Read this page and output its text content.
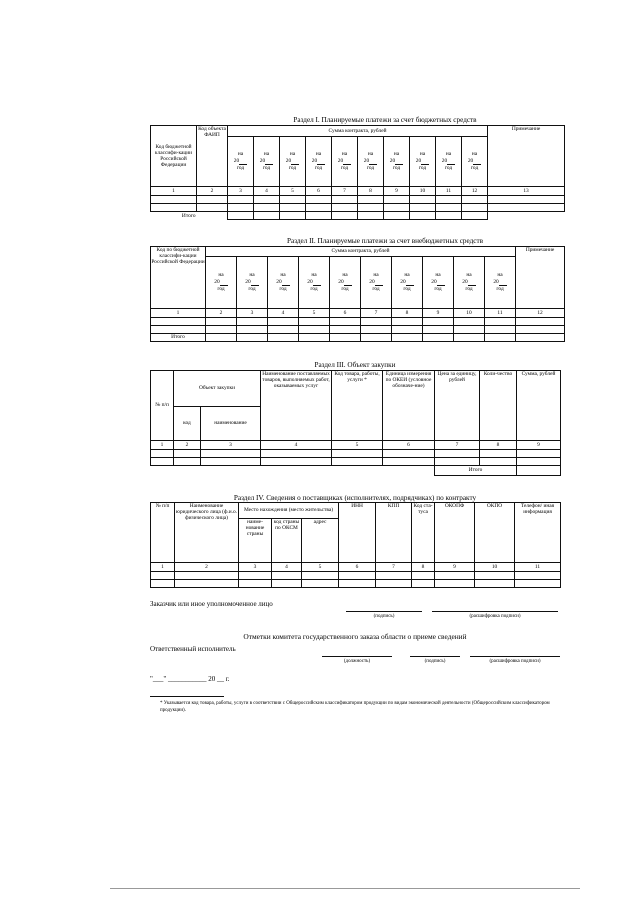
Раздел I. Планируемые платежи за счет бюджетных средств
Код бюджетной классифи-кации Российской Федерации	Код объекта ФАИП	Сумма контракта, рублей										Примечание
		на
20
год	на
20
год	на
20
год	на
20
год	на
20
год	на
20
год	на
20
год	на
20
год	на
20
год	на
20
год	
1	2	3	4	5	6	7	8	9	10	11	12	13

Итого												
Раздел II. Планируемые платежи за счет внебюджетных средств
Код по бюджетной классифи-кации Российской Федерации	Сумма контракта, рублей										Примечание
	на
20
год	на
20
год	на
20
год	на
20
год	на
20
год	на
20
год	на
20
год	на
20
год	на
20
год	на
20
год	
1	2	3	4	5	6	7	8	9	10	11	12

Итого											
Раздел III. Объект закупки
№ п/п	Объект закупки		Наименование поставляемых товаров, выполняемых работ, оказываемых услуг	Код товара, работы, услуги *	Единица измерения по ОКЕИ (условное обозначе-ние)	Цена за единицу, рублей	Коли-чество	Сумма, рублей
	код	наименование						
1	2	3	4	5	6	7	8	9

						Итого		
Раздел IV. Сведения о поставщиках (исполнителях, подрядчиках) по контракту
№ п/п	Наименование юридического лица (ф.и.о. физического лица)	Место нахождения (место жительства)			ИНН	КПП	Код ста-туса	ОКОПФ	ОКПО	Телефон/ иная информация
		наиме-нование страны	код страны по ОКСМ	адрес						
1	2	3	4	5	6	7	8	9	10	11

Заказчик или иное уполномоченное лицо
(подпись)	(расшифровка подписи)
Отметки комитета государственного заказа области о приеме сведений
Ответственный исполнитель
(должность)	(подпись)	(расшифровка подписи)
"___" ___________ 20 __ г.
* Указывается код товара, работы, услуги в соответствии с Общероссийским классификатором продукции по видам экономической деятельности (Общероссийским классификатором продукции).
